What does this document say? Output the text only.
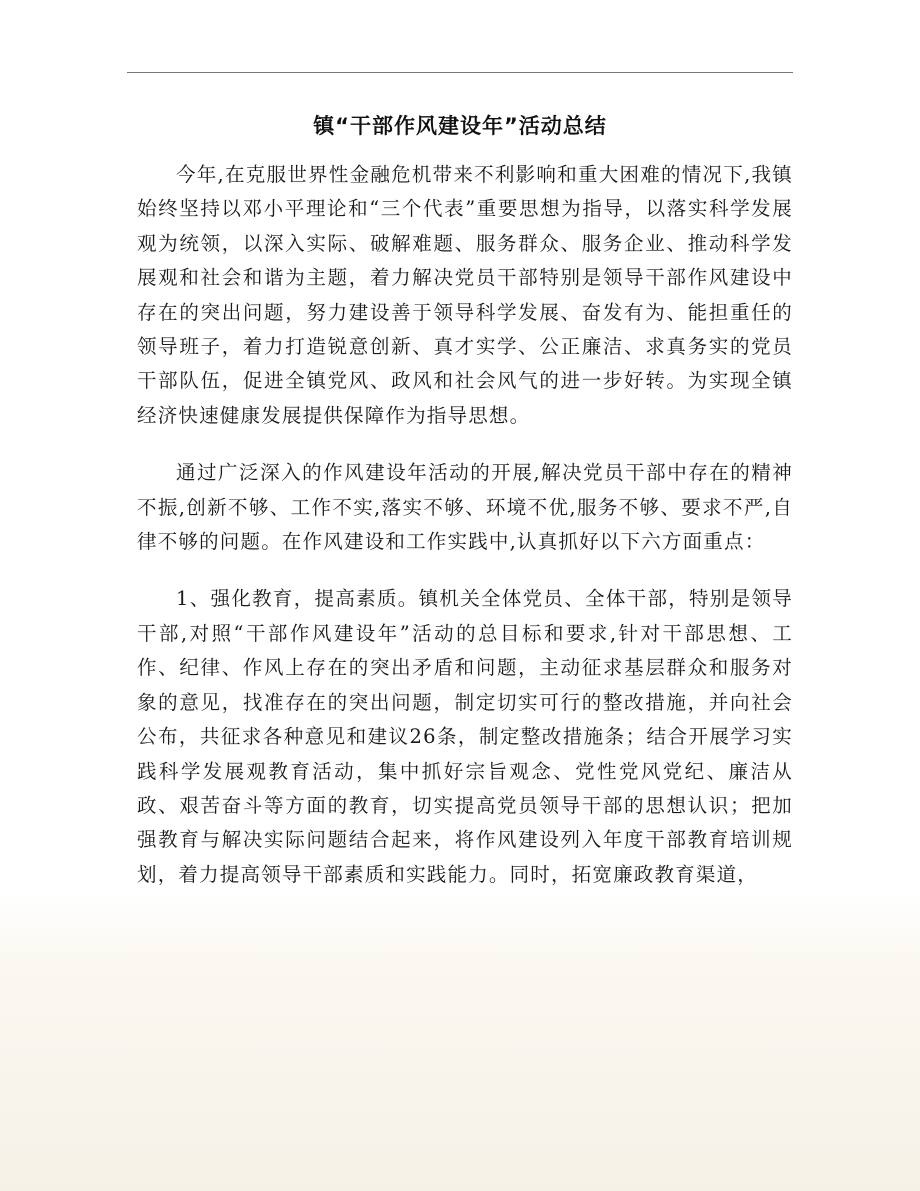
镇“干部作风建设年”活动总结

今年,在克服世界性金融危机带来不利影响和重大困难的情况下,我镇始终坚持以邓小平理论和“三个代表”重要思想为指导，以落实科学发展观为统领，以深入实际、破解难题、服务群众、服务企业、推动科学发展观和社会和谐为主题，着力解决党员干部特别是领导干部作风建设中存在的突出问题，努力建设善于领导科学发展、奋发有为、能担重任的领导班子，着力打造锐意创新、真才实学、公正廉洁、求真务实的党员干部队伍，促进全镇党风、政风和社会风气的进一步好转。为实现全镇经济快速健康发展提供保障作为指导思想。

通过广泛深入的作风建设年活动的开展,解决党员干部中存在的精神不振,创新不够、工作不实,落实不够、环境不优,服务不够、要求不严,自律不够的问题。在作风建设和工作实践中,认真抓好以下六方面重点：

1、强化教育，提高素质。镇机关全体党员、全体干部，特别是领导干部,对照“干部作风建设年”活动的总目标和要求,针对干部思想、工作、纪律、作风上存在的突出矛盾和问题，主动征求基层群众和服务对象的意见，找准存在的突出问题，制定切实可行的整改措施，并向社会公布，共征求各种意见和建议26条，制定整改措施条；结合开展学习实践科学发展观教育活动，集中抓好宗旨观念、党性党风党纪、廉洁从政、艰苦奋斗等方面的教育，切实提高党员领导干部的思想认识；把加强教育与解决实际问题结合起来，将作风建设列入年度干部教育培训规划，着力提高领导干部素质和实践能力。同时，拓宽廉政教育渠道，
